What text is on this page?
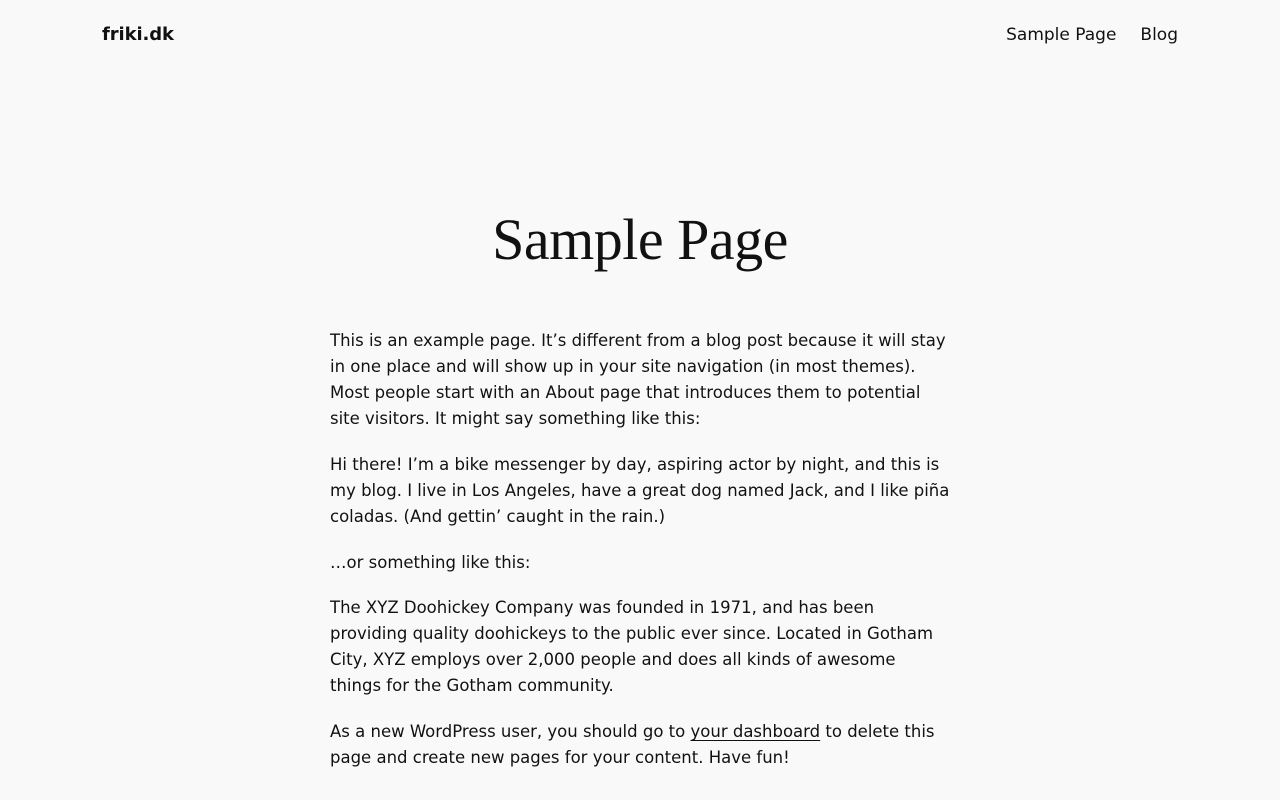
friki.dk	Sample Page Blog
Sample Page

This is an example page. It’s different from a blog post because it will stay in one place and will show up in your site navigation (in most themes). Most people start with an About page that introduces them to potential site visitors. It might say something like this:

Hi there! I’m a bike messenger by day, aspiring actor by night, and this is my blog. I live in Los Angeles, have a great dog named Jack, and I like piña coladas. (And gettin’ caught in the rain.)

…or something like this:

The XYZ Doohickey Company was founded in 1971, and has been providing quality doohickeys to the public ever since. Located in Gotham City, XYZ employs over 2,000 people and does all kinds of awesome things for the Gotham community.

As a new WordPress user, you should go to your dashboard to delete this page and create new pages for your content. Have fun!
